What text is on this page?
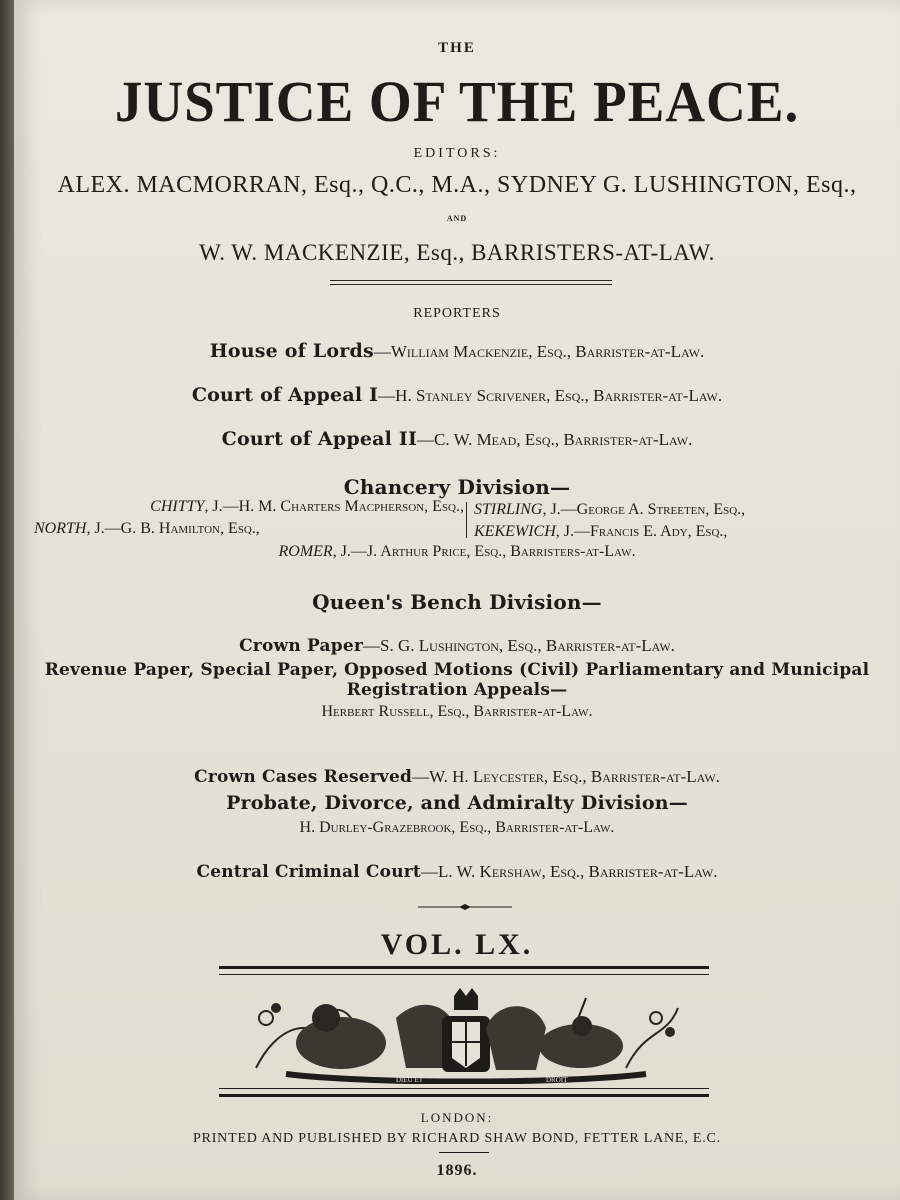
THE
JUSTICE OF THE PEACE.
EDITORS:
ALEX. MACMORRAN, Esq., Q.C., M.A., SYDNEY G. LUSHINGTON, Esq.,
AND
W. W. MACKENZIE, Esq., BARRISTERS-AT-LAW.
REPORTERS
House of Lords—William Mackenzie, Esq., Barrister-at-Law.
Court of Appeal I—H. Stanley Scrivener, Esq., Barrister-at-Law.
Court of Appeal II—C. W. Mead, Esq., Barrister-at-Law.
Chancery Division—
CHITTY, J.—H. M. Charters Macpherson, Esq.,
NORTH, J.—G. B. Hamilton, Esq.,
STIRLING, J.—George A. Streeten, Esq.,
KEKEWICH, J.—Francis E. Ady, Esq.,
ROMER, J.—J. Arthur Price, Esq., Barristers-at-Law.
Queen's Bench Division—
Crown Paper—S. G. Lushington, Esq., Barrister-at-Law.
Revenue Paper, Special Paper, Opposed Motions (Civil) Parliamentary and Municipal
Registration Appeals—
Herbert Russell, Esq., Barrister-at-Law.
Crown Cases Reserved—W. H. Leycester, Esq., Barrister-at-Law.
Probate, Divorce, and Admiralty Division—
H. Durley-Grazebrook, Esq., Barrister-at-Law.
Central Criminal Court—L. W. Kershaw, Esq., Barrister-at-Law.
VOL. LX.
DIEU ET	DROIT
LONDON:
PRINTED AND PUBLISHED BY RICHARD SHAW BOND, FETTER LANE, E.C.
1896.
